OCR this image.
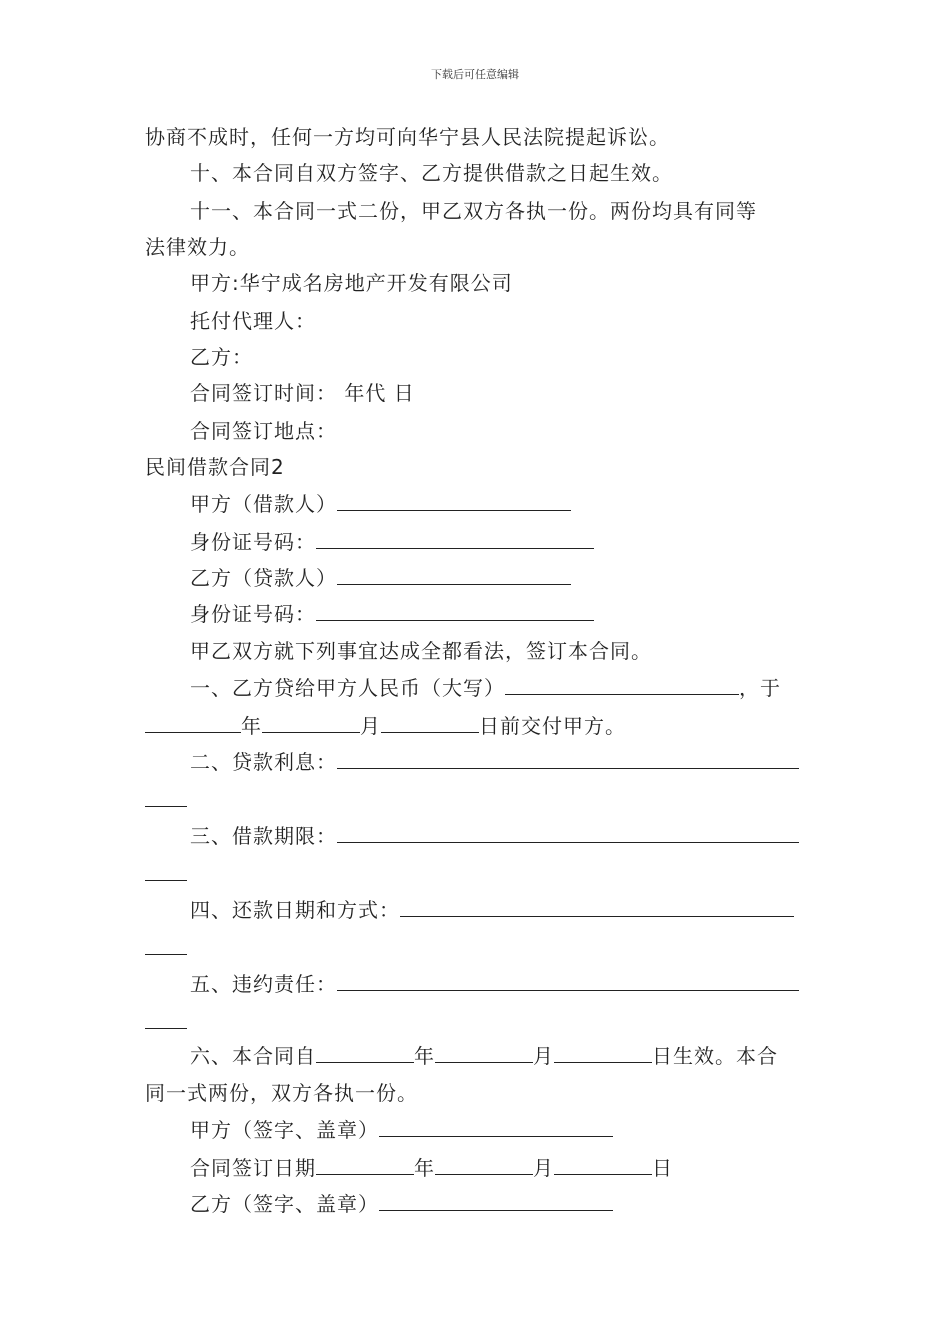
下载后可任意编辑
协商不成时，任何一方均可向华宁县人民法院提起诉讼。
十、本合同自双方签字、乙方提供借款之日起生效。
十一、本合同一式二份，甲乙双方各执一份。两份均具有同等
法律效力。
甲方:华宁成名房地产开发有限公司
托付代理人：
乙方：
合同签订时间： 年代 日
合同签订地点：
民间借款合同2
甲方（借款人）
身份证号码：
乙方（贷款人）
身份证号码：
甲乙双方就下列事宜达成全都看法，签订本合同。
一、乙方贷给甲方人民币（大写）	，于
年	月	日前交付甲方。
二、贷款利息：
三、借款期限：
四、还款日期和方式：
五、违约责任：
六、本合同自	年	月	日生效。本合
同一式两份，双方各执一份。
甲方（签字、盖章）
合同签订日期	年	月	日
乙方（签字、盖章）
